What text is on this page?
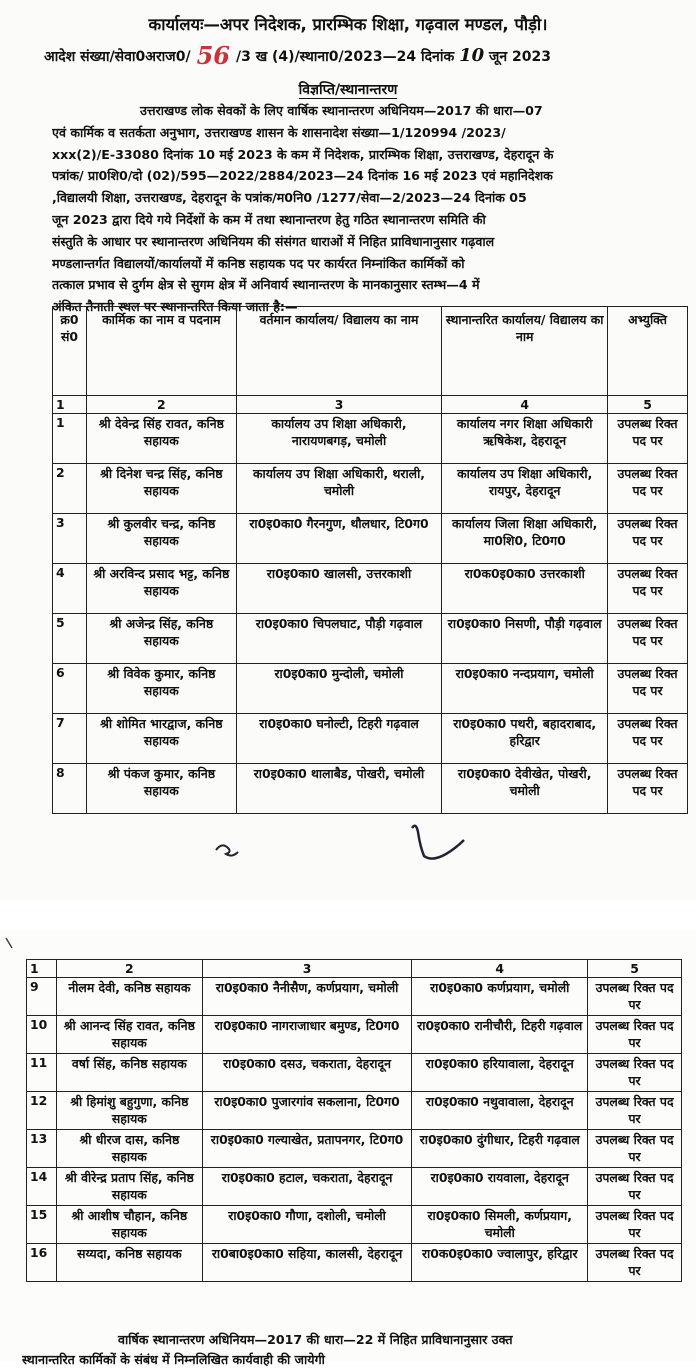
1	2	3	4	5
9	नीलम देवी, कनिष्ठ सहायक	रा0इ0का0 नैनीसैण, कर्णप्रयाग, चमोली	रा0इ0का0 कर्णप्रयाग, चमोली	उपलब्ध रिक्त पद पर
10	श्री आनन्द सिंह रावत, कनिष्ठ सहायक	रा0इ0का0 नागराजाधार बमुण्ड, टि0ग0	रा0इ0का0 रानीचौरी, टिहरी गढ़वाल	उपलब्ध रिक्त पद पर
11	वर्षा सिंह, कनिष्ठ सहायक	रा0इ0का0 दसउ, चकराता, देहरादून	रा0इ0का0 हरियावाला, देहरादून	उपलब्ध रिक्त पद पर
12	श्री हिमांशु बहुगुणा, कनिष्ठ सहायक	रा0इ0का0 पुजारगांव सकलाना, टि0ग0	रा0इ0का0 नथुवावाला, देहरादून	उपलब्ध रिक्त पद पर
13	श्री धीरज दास, कनिष्ठ सहायक	रा0इ0का0 गल्याखेत, प्रतापनगर, टि0ग0	रा0इ0का0 दुंगीधार, टिहरी गढ़वाल	उपलब्ध रिक्त पद पर
14	श्री वीरेन्द्र प्रताप सिंह, कनिष्ठ सहायक	रा0इ0का0 हटाल, चकराता, देहरादून	रा0इ0का0 रायवाला, देहरादून	उपलब्ध रिक्त पद पर
15	श्री आशीष चौहान, कनिष्ठ सहायक	रा0इ0का0 गौणा, दशोली, चमोली	रा0इ0का0 सिमली, कर्णप्रयाग, चमोली	उपलब्ध रिक्त पद पर
16	सय्यदा, कनिष्ठ सहायक	रा0बा0इ0का0 सहिया, कालसी, देहरादून	रा0क0इ0का0 ज्वालापुर, हरिद्वार	उपलब्ध रिक्त पद पर
कार्यालयः—अपर निदेशक, प्रारम्भिक शिक्षा, गढ़वाल मण्डल, पौड़ी।
आदेश संख्या/सेवा0अराज0/ 56 /3 ख (4)/स्थाना0/2023—24 दिनांक 10 जून 2023
विज्ञप्ति/स्थानान्तरण
उत्तराखण्ड लोक सेवकों के लिए वार्षिक स्थानान्तरण अधिनियम—2017 की धारा—07
एवं कार्मिक व सतर्कता अनुभाग, उत्तराखण्ड शासन के शासनादेश संख्या—1/120994 /2023/
xxx(2)/E-33080 दिनांक 10 मई 2023 के कम में निदेशक, प्रारम्भिक शिक्षा, उत्तराखण्ड, देहरादून के
पत्रांक/ प्रा0शि0/दो (02)/595—2022/2884/2023—24 दिनांक 16 मई 2023 एवं महानिदेशक
,विद्यालयी शिक्षा, उत्तराखण्ड, देहरादून के पत्रांक/म0नि0 /1277/सेवा—2/2023—24 दिनांक 05
जून 2023 द्वारा दिये गये निर्देशों के कम में तथा स्थानान्तरण हेतु गठित स्थानान्तरण समिति की
संस्तुति के आधार पर स्थानान्तरण अधिनियम की संसंगत धाराओं में निहित प्राविधानानुसार गढ़वाल
मण्डलान्तर्गत विद्यालयों/कार्यालयों में कनिष्ठ सहायक पद पर कार्यरत निम्नांकित कार्मिकों को
तत्काल प्रभाव से दुर्गम क्षेत्र से सुगम क्षेत्र में अनिवार्य स्थानान्तरण के मानकानुसार स्तम्भ—4 में
अंकित तैनाती स्थल पर स्थानान्तरित किया जाता है:—
क्र0 सं0	कार्मिक का नाम व पदनाम	वर्तमान कार्यालय/ विद्यालय का नाम	स्थानान्तरित कार्यालय/ विद्यालय का नाम	अभ्युक्ति
1	2	3	4	5
1	श्री देवेन्द्र सिंह रावत, कनिष्ठ सहायक	कार्यालय उप शिक्षा अधिकारी, नारायणबगड़, चमोली	कार्यालय नगर शिक्षा अधिकारी ऋषिकेश, देहरादून	उपलब्ध रिक्त पद पर
2	श्री दिनेश चन्द्र सिंह, कनिष्ठ सहायक	कार्यालय उप शिक्षा अधिकारी, थराली, चमोली	कार्यालय उप शिक्षा अधिकारी, रायपुर, देहरादून	उपलब्ध रिक्त पद पर
3	श्री कुलवीर चन्द्र, कनिष्ठ सहायक	रा0इ0का0 गैरनगुण, थौलधार, टि0ग0	कार्यालय जिला शिक्षा अधिकारी, मा0शि0, टि0ग0	उपलब्ध रिक्त पद पर
4	श्री अरविन्द प्रसाद भट्ट, कनिष्ठ सहायक	रा0इ0का0 खालसी, उत्तरकाशी	रा0क0इ0का0 उत्तरकाशी	उपलब्ध रिक्त पद पर
5	श्री अजेन्द्र सिंह, कनिष्ठ सहायक	रा0इ0का0 चिपलघाट, पौड़ी गढ़वाल	रा0इ0का0 निसणी, पौड़ी गढ़वाल	उपलब्ध रिक्त पद पर
6	श्री विवेक कुमार, कनिष्ठ सहायक	रा0इ0का0 मुन्दोली, चमोली	रा0इ0का0 नन्दप्रयाग, चमोली	उपलब्ध रिक्त पद पर
7	श्री शोमित भारद्वाज, कनिष्ठ सहायक	रा0इ0का0 घनोल्टी, टिहरी गढ़वाल	रा0इ0का0 पथरी, बहादराबाद, हरिद्वार	उपलब्ध रिक्त पद पर
8	श्री पंकज कुमार, कनिष्ठ सहायक	रा0इ0का0 थालाबैड, पोखरी, चमोली	रा0इ0का0 देवीखेत, पोखरी, चमोली	उपलब्ध रिक्त पद पर
वार्षिक स्थानान्तरण अधिनियम—2017 की धारा—22 में निहित प्राविधानानुसार उक्त
स्थानान्तरित कार्मिकों के संबंध में निम्नलिखित कार्यवाही की जायेगी
